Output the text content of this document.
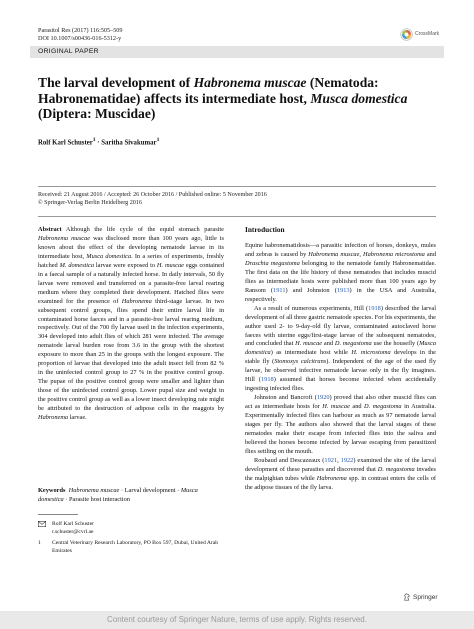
Parasitol Res (2017) 116:505–509
DOI 10.1007/s00436-016-5312-y
CrossMark
ORIGINAL PAPER
The larval development of Habronema muscae (Nematoda: Habronematidae) affects its intermediate host, Musca domestica (Diptera: Muscidae)
Rolf Karl Schuster$^1$ · Saritha Sivakumar$^1$
Received: 21 August 2016 / Accepted: 26 October 2016 / Published online: 5 November 2016
© Springer-Verlag Berlin Heidelberg 2016
Abstract Although the life cycle of the equid stomach parasite Habronema muscae was disclosed more than 100 years ago, little is known about the effect of the developing nematode larvae in its intermediate host, Musca domestica. In a series of experiments, freshly hatched M. domestica larvae were exposed to H. muscae eggs contained in a faecal sample of a naturally infected horse. In daily intervals, 50 fly larvae were removed and transferred on a parasite-free larval rearing medium where they completed their development. Hatched flies were examined for the presence of Habronema third-stage larvae. In two subsequent control groups, flies spend their entire larval life in contaminated horse faeces and in a parasite-free larval rearing medium, respectively. Out of the 700 fly larvae used in the infection experiments, 304 developed into adult flies of which 281 were infected. The average nematode larval burden rose from 3.6 in the group with the shortest exposure to more than 25 in the groups with the longest exposure. The proportion of larvae that developed into the adult insect fell from 82 % in the uninfected control group to 27 % in the positive control group. The pupae of the positive control group were smaller and lighter than those of the uninfected control group. Lower pupal size and weight in the positive control group as well as a lower insect developing rate might be attributed to the destruction of adipose cells in the maggots by Habronema larvae.
Keywords Habronema muscae · Larval development · Musca domestica · Parasite host interaction
Rolf Karl Schuster
r.schuster@cvrl.ae
1	Central Veterinary Research Laboratory, PO Box 597, Dubai, United Arab Emirates
Introduction

Equine habronematidosis—a parasitic infection of horses, donkeys, mules and zebras is caused by Habronema muscae, Habronema microstoma and Draschia megastoma belonging to the nematode family Habronematidae. The first data on the life history of these nematodes that includes muscid flies as intermediate hosts were published more than 100 years ago by Ransom (1911) and Johnston (1913) in the USA and Australia, respectively.

As a result of numerous experiments, Hill (1918) described the larval development of all three gastric nematode species. For his experiments, the author used 2- to 9-day-old fly larvae, contaminated autoclaved horse faeces with uterine eggs/first-stage larvae of the subsequent nematodes, and concluded that H. muscae and D. megastoma use the housefly (Musca domestica) as intermediate host while H. microstoma develops in the stable fly (Stomoxys calcitrans). Independent of the age of the used fly larvae, he observed infective nematode larvae only in the fly imagines. Hill (1918) assumed that horses become infected when accidentally ingesting infected flies.

Johnston and Bancroft (1920) proved that also other muscid flies can act as intermediate hosts for H. muscae and D. megastoma in Australia. Experimentally infected flies can harbour as much as 97 nematode larval stages per fly. The authors also showed that the larval stages of these nematodes make their escape from infected flies into the saliva and believed the horses become infected by larvae escaping from parasitized flies settling on the mouth.

Roubaud and Descazeaux (1921, 1922) examined the site of the larval development of these parasites and discovered that D. megastoma invades the malpighian tubes while Habronema spp. in contrast enters the cells of the adipose tissues of the fly larva.

Springer
Content courtesy of Springer Nature, terms of use apply. Rights reserved.
